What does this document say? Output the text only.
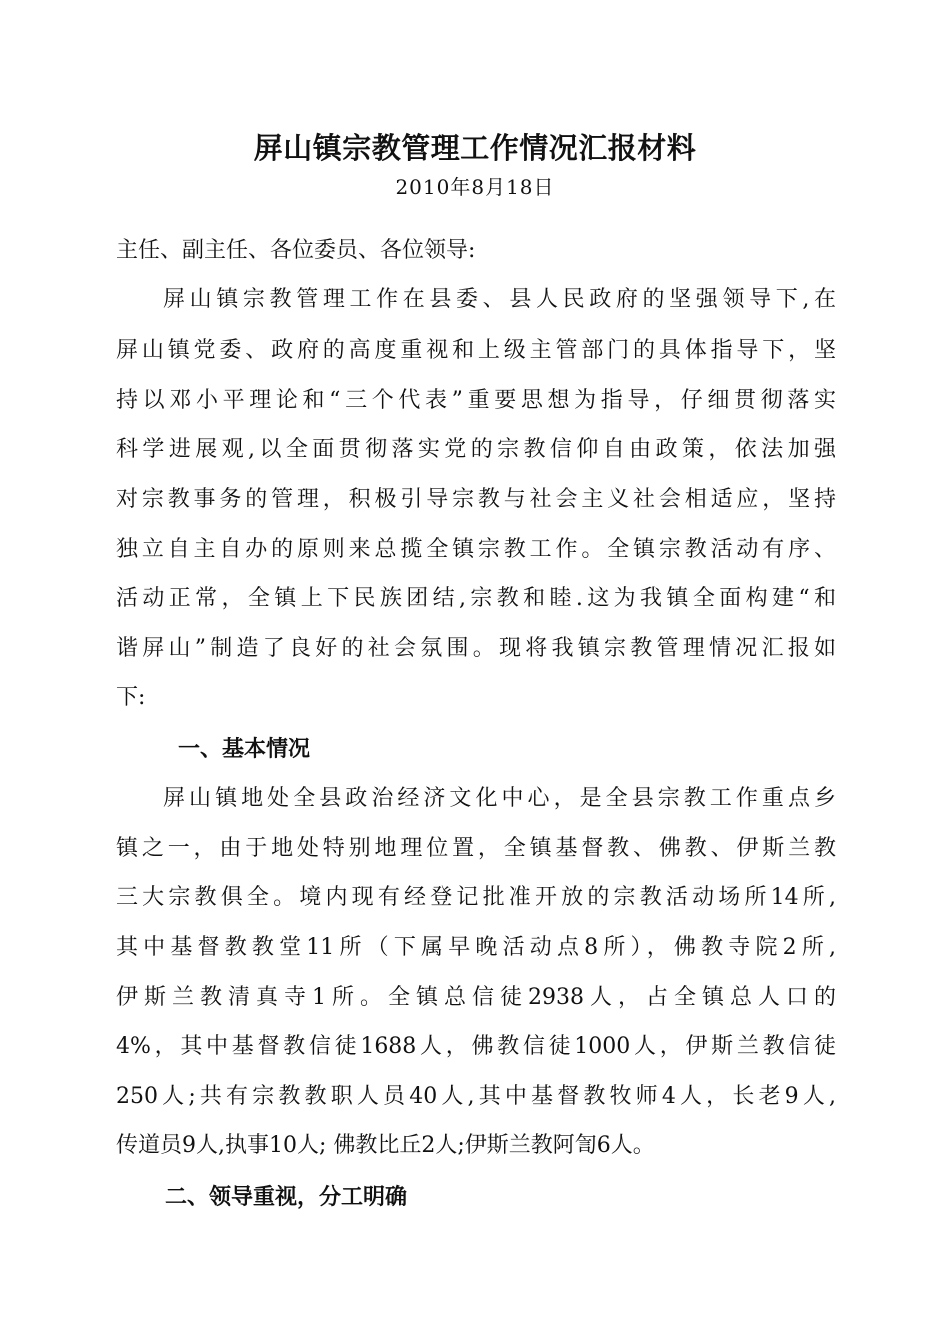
屏山镇宗教管理工作情况汇报材料
2010年8月18日
主任、副主任、各位委员、各位领导:
屏山镇宗教管理工作在县委、县人民政府的坚强领导下,在
屏山镇党委、政府的高度重视和上级主管部门的具体指导下，坚
持以邓小平理论和“三个代表”重要思想为指导，仔细贯彻落实
科学进展观,以全面贯彻落实党的宗教信仰自由政策，依法加强
对宗教事务的管理，积极引导宗教与社会主义社会相适应，坚持
独立自主自办的原则来总揽全镇宗教工作。全镇宗教活动有序、
活动正常，全镇上下民族团结,宗教和睦.这为我镇全面构建“和
谐屏山”制造了良好的社会氛围。现将我镇宗教管理情况汇报如
下:
一、基本情况
屏山镇地处全县政治经济文化中心，是全县宗教工作重点乡
镇之一，由于地处特别地理位置，全镇基督教、佛教、伊斯兰教
三大宗教俱全。境内现有经登记批准开放的宗教活动场所14所,
其中基督教教堂11所（下属早晚活动点8所），佛教寺院2所,
伊斯兰教清真寺1所。全镇总信徒2938人，占全镇总人口的
4%，其中基督教信徒1688人，佛教信徒1000人，伊斯兰教信徒
250人;共有宗教教职人员40人,其中基督教牧师4人，长老9人,
传道员9人,执事10人; 佛教比丘2人;伊斯兰教阿訇6人。
二、领导重视，分工明确
